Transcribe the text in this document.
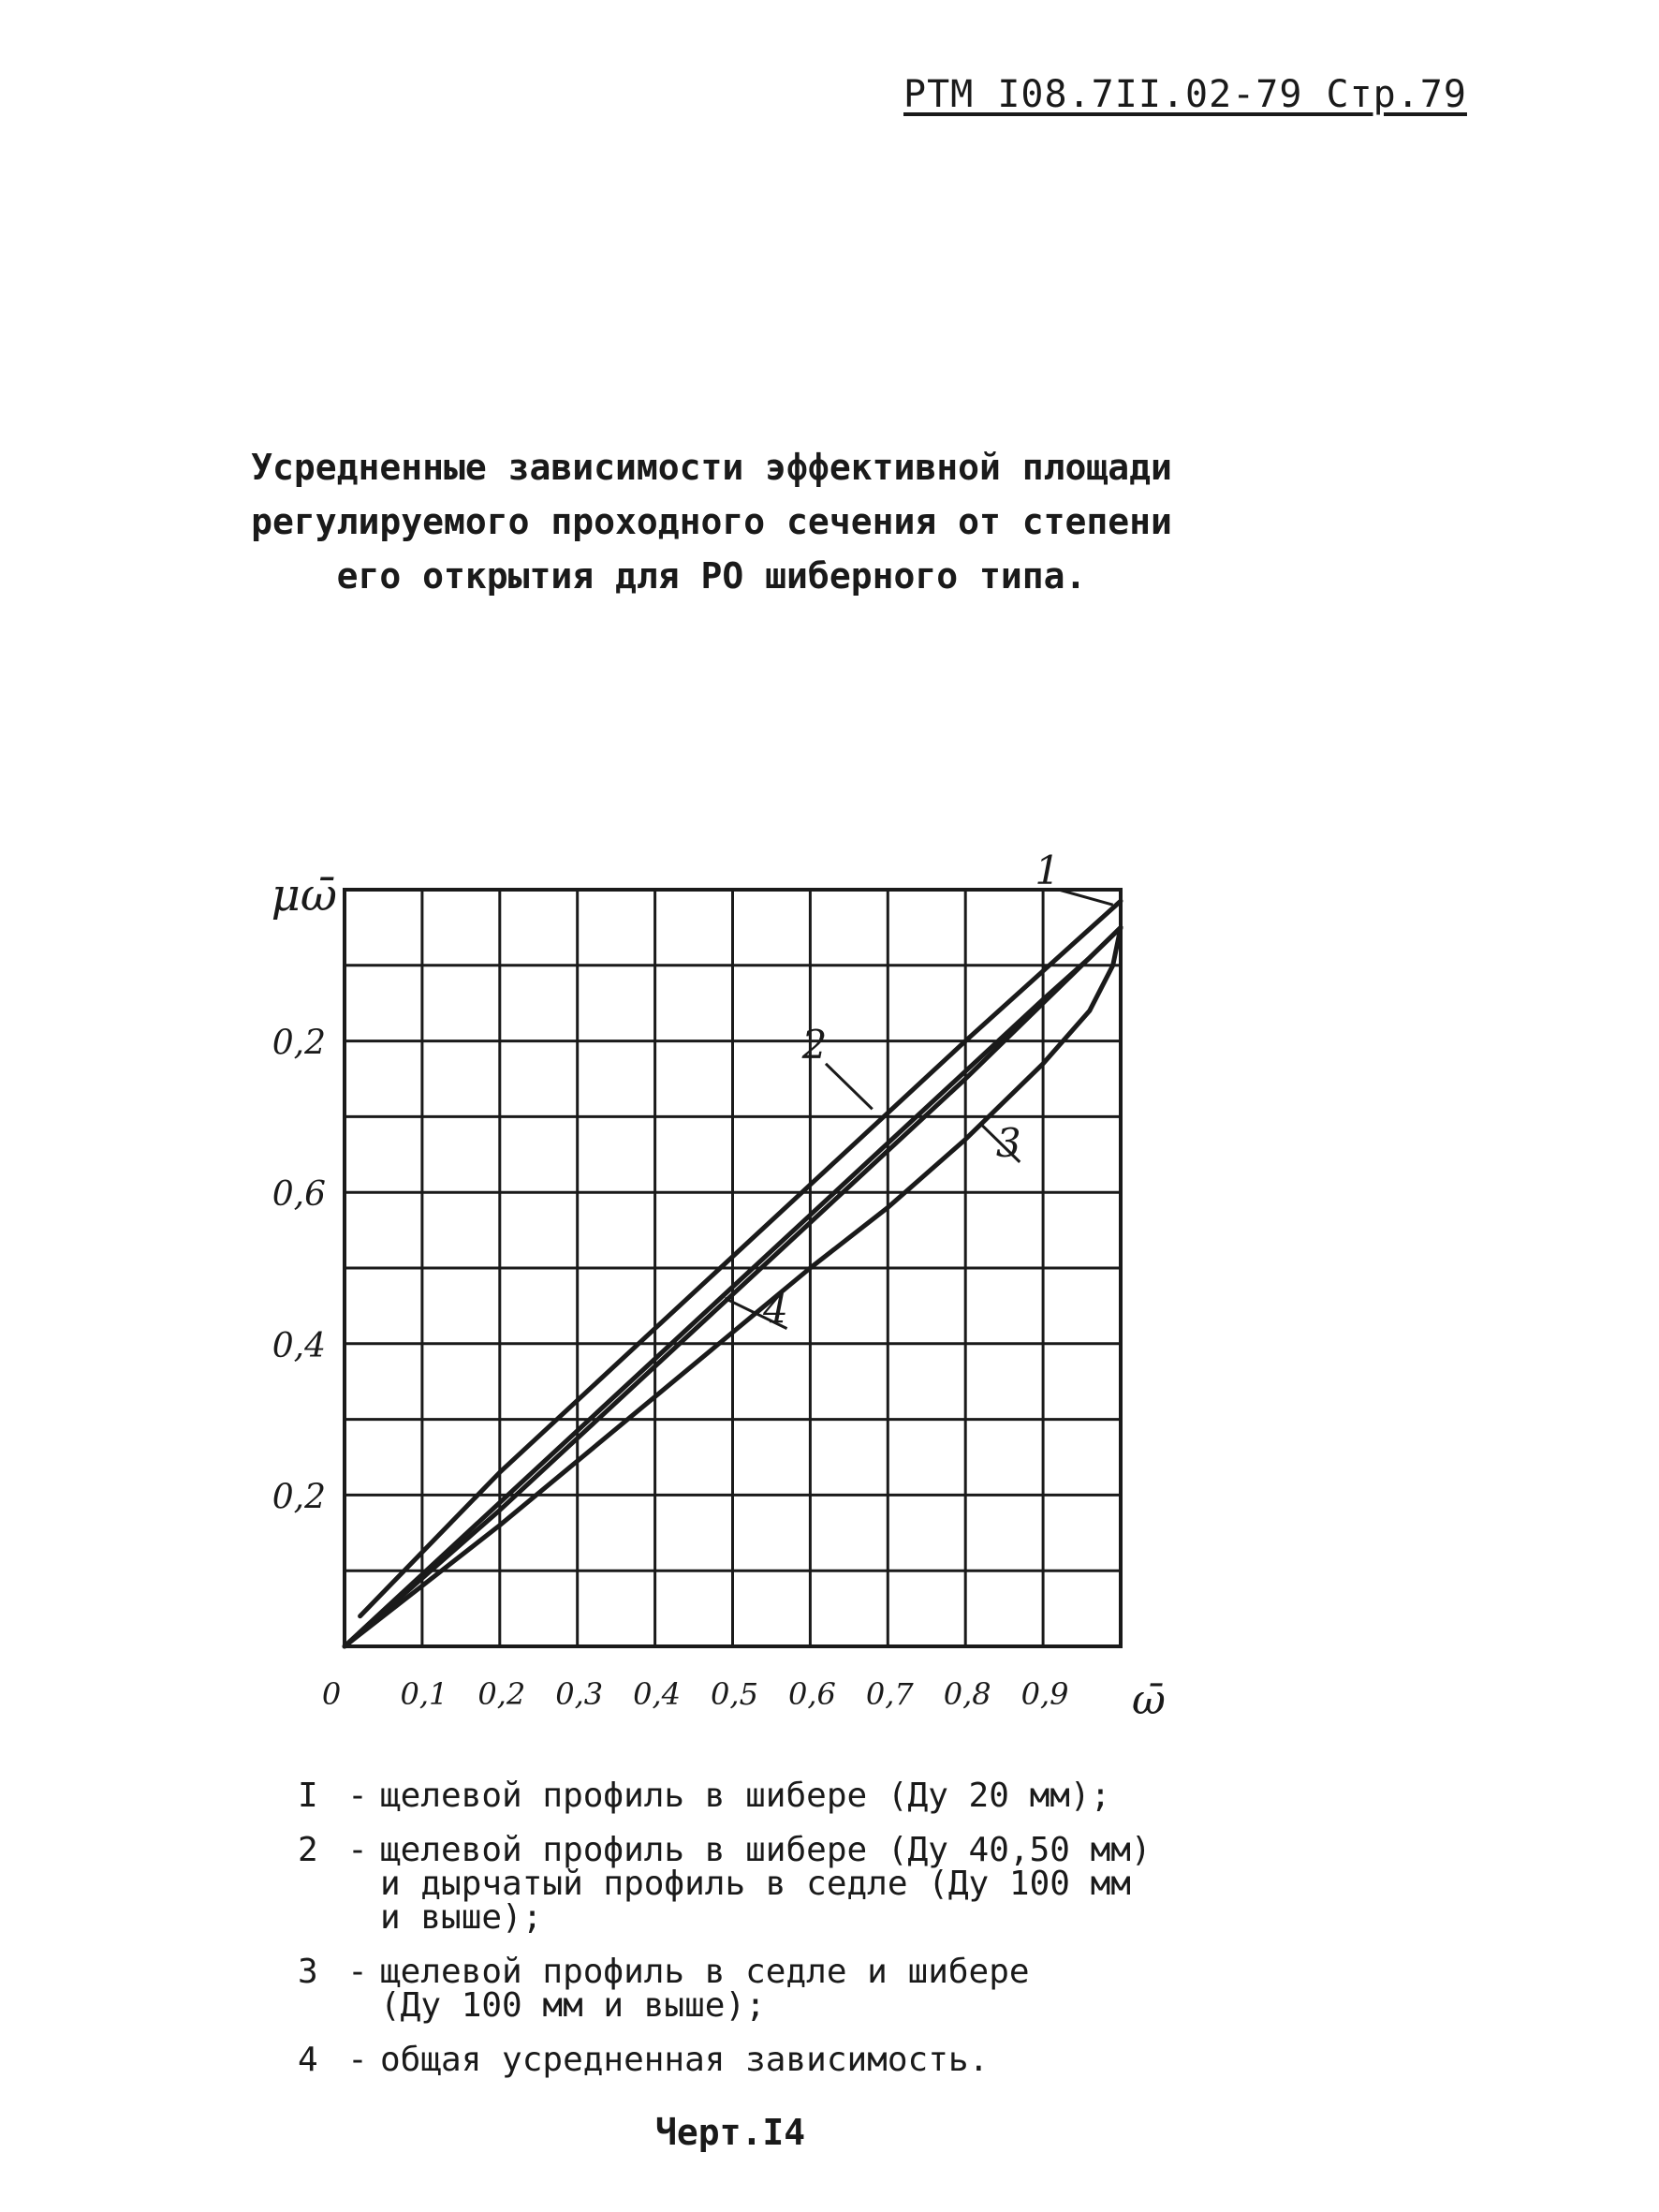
РТМ I08.7II.02-79 Стр.79
Усредненные зависимости эффективной площади
регулируемого проходного сечения от степени
его открытия для РО шиберного типа.
1
2
3
4
0 0,1 0,2 0,3 0,4 0,5 0,6 0,7 0,8 0,9
0,2
0,4
0,6
0,2
ω̄
μω̄
I - щелевой профиль в шибере (Ду 20 мм);
2 - щелевой профиль в шибере (Ду 40,50 мм)
и дырчатый профиль в седле (Ду 100 мм
и выше);
3 - щелевой профиль в седле и шибере
(Ду 100 мм и выше);
4 - общая усредненная зависимость.
Черт.I4
